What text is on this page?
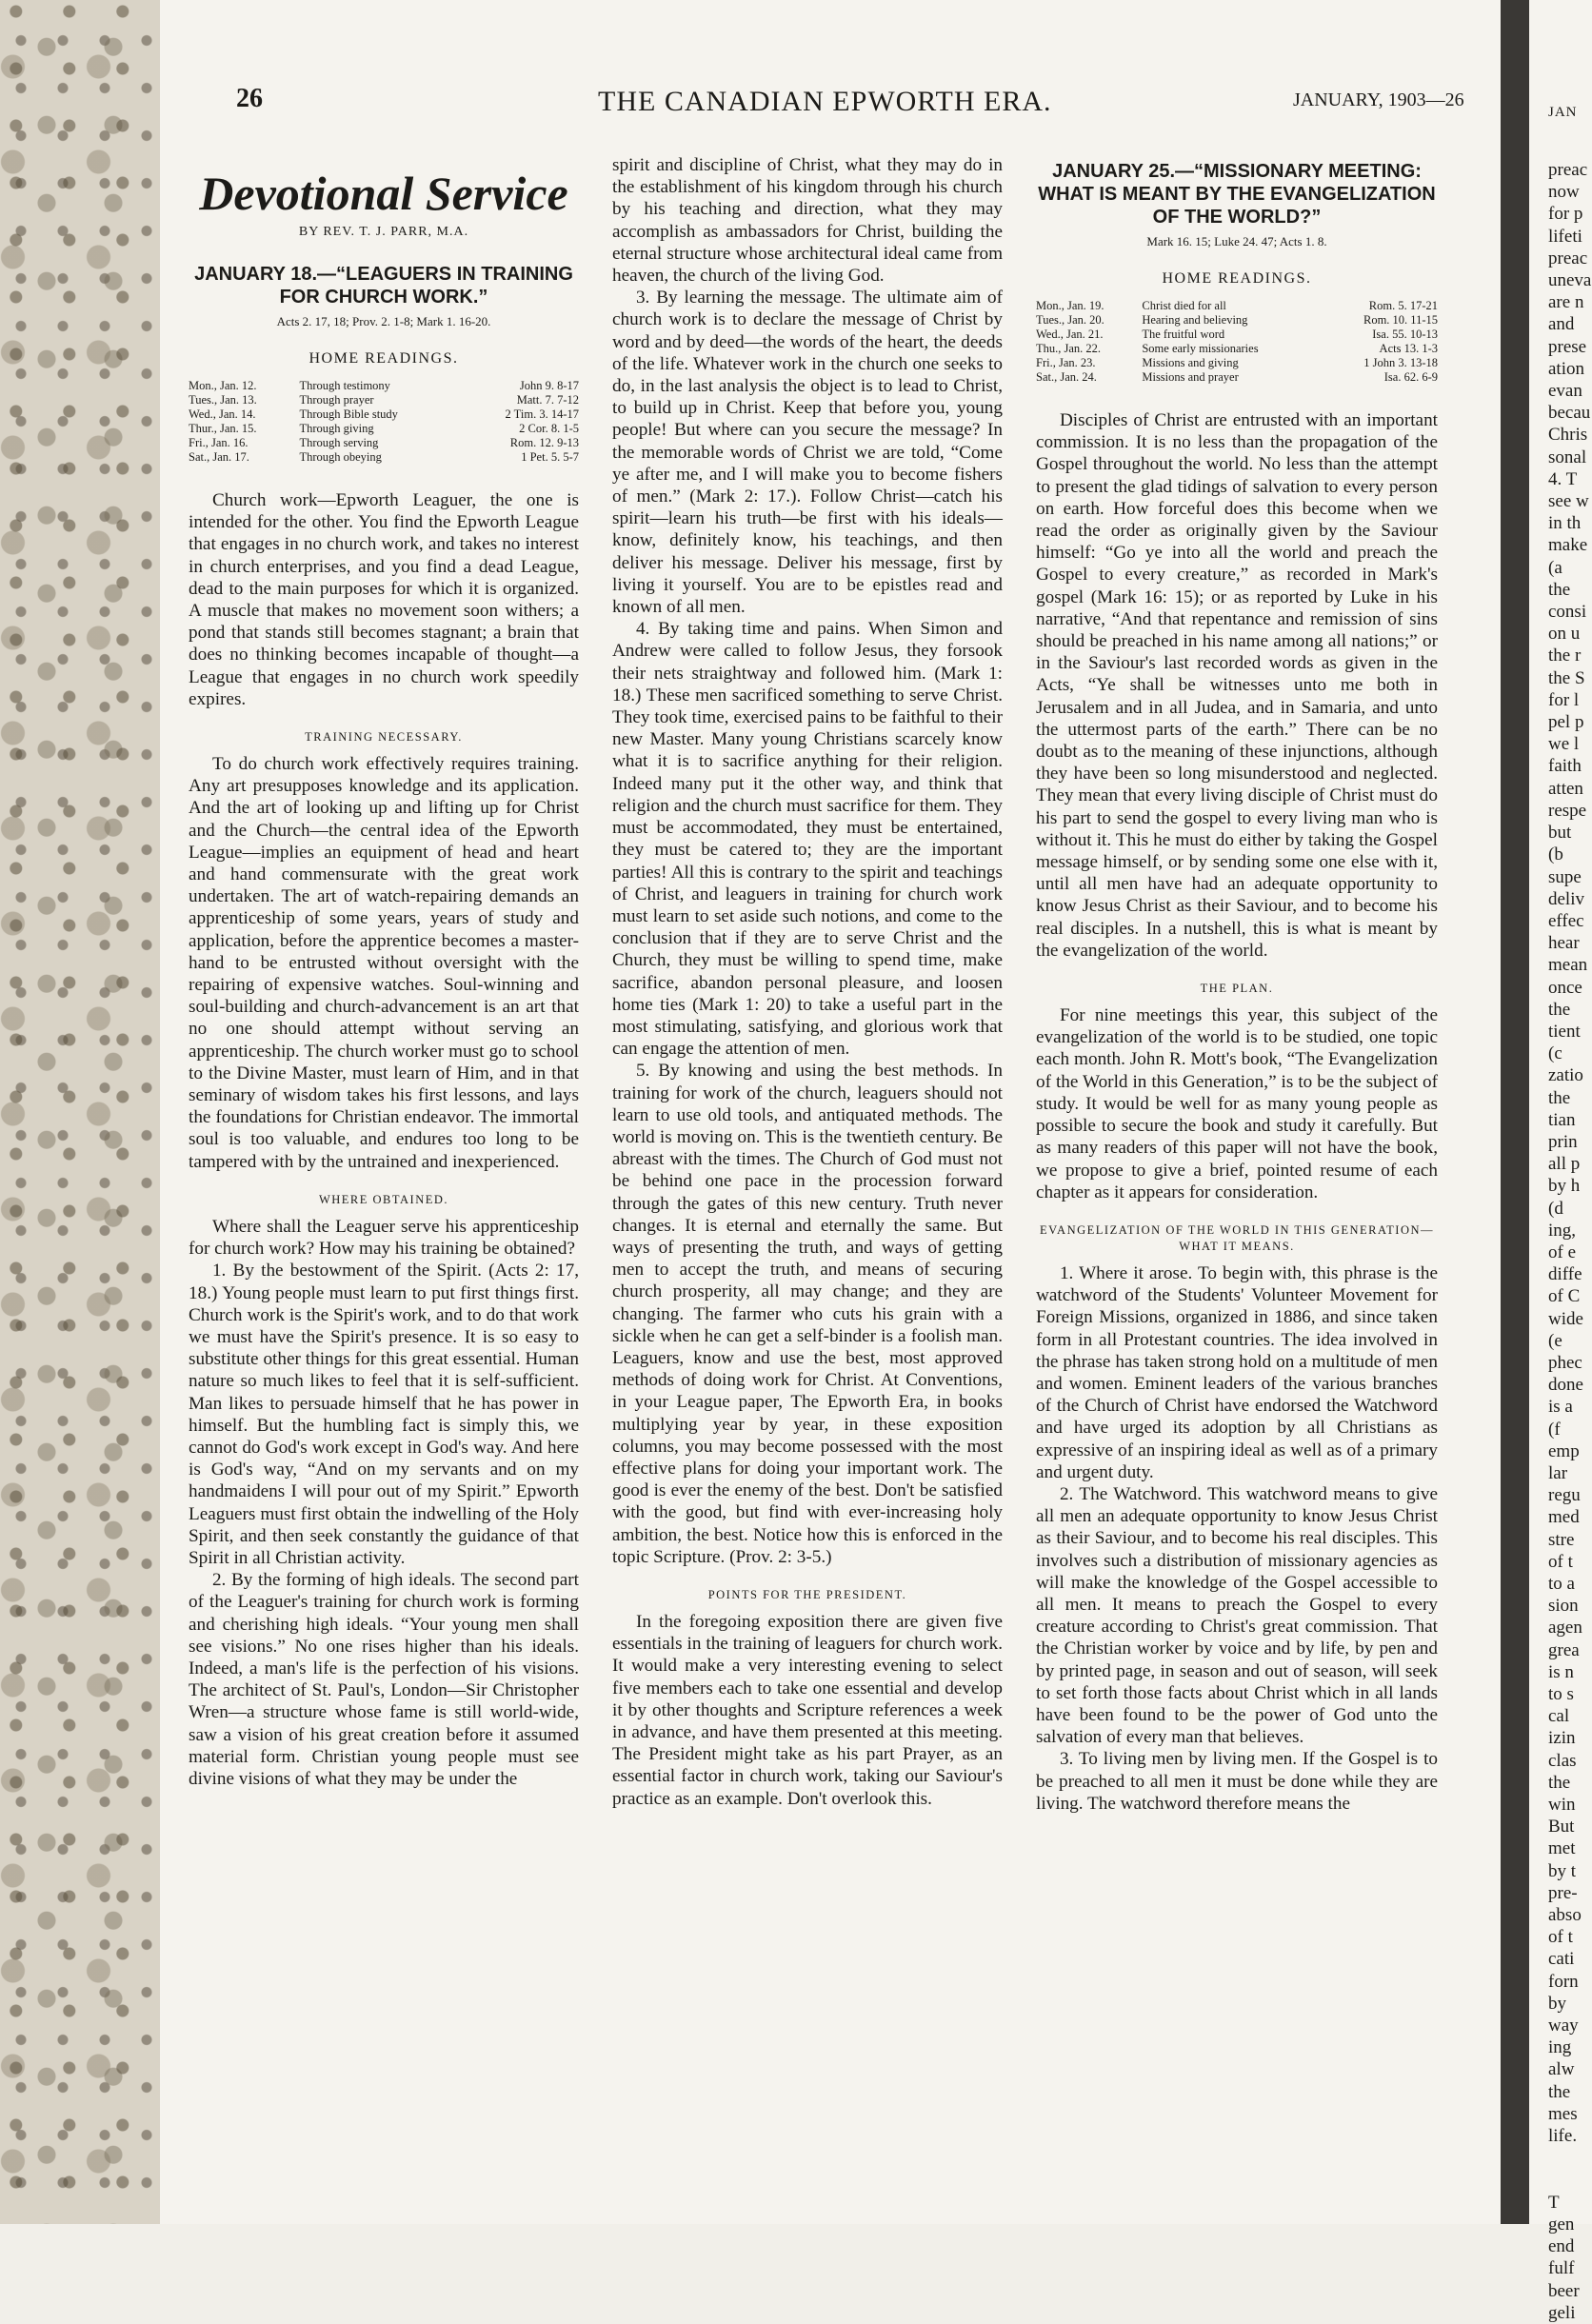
26	THE CANADIAN EPWORTH ERA.	JANUARY, 1903—26
Devotional Service
BY REV. T. J. PARR, M.A.
JANUARY 18.—“LEAGUERS IN TRAINING FOR CHURCH WORK.”
Acts 2. 17, 18; Prov. 2. 1-8; Mark 1. 16-20.
HOME READINGS.
Mon., Jan. 12.	Through testimony	John 9. 8-17
Tues., Jan. 13.	Through prayer	Matt. 7. 7-12
Wed., Jan. 14.	Through Bible study	2 Tim. 3. 14-17
Thur., Jan. 15.	Through giving	2 Cor. 8. 1-5
Fri., Jan. 16.	Through serving	Rom. 12. 9-13
Sat., Jan. 17.	Through obeying	1 Pet. 5. 5-7

Church work—Epworth Leaguer, the one is intended for the other. You find the Epworth League that engages in no church work, and takes no interest in church enterprises, and you find a dead League, dead to the main purposes for which it is organized. A muscle that makes no movement soon withers; a pond that stands still becomes stagnant; a brain that does no thinking becomes incapable of thought—a League that engages in no church work speedily expires.

TRAINING NECESSARY.

To do church work effectively requires training. Any art presupposes knowledge and its application. And the art of looking up and lifting up for Christ and the Church—the central idea of the Epworth League—implies an equipment of head and heart and hand commensurate with the great work undertaken. The art of watch-repairing demands an apprenticeship of some years, years of study and application, before the apprentice becomes a master-hand to be entrusted without oversight with the repairing of expensive watches. Soul-winning and soul-building and church-advancement is an art that no one should attempt without serving an apprenticeship. The church worker must go to school to the Divine Master, must learn of Him, and in that seminary of wisdom takes his first lessons, and lays the foundations for Christian endeavor. The immortal soul is too valuable, and endures too long to be tampered with by the untrained and inexperienced.

WHERE OBTAINED.

Where shall the Leaguer serve his apprenticeship for church work? How may his training be obtained?

1. By the bestowment of the Spirit. (Acts 2: 17, 18.) Young people must learn to put first things first. Church work is the Spirit's work, and to do that work we must have the Spirit's presence. It is so easy to substitute other things for this great essential. Human nature so much likes to feel that it is self-sufficient. Man likes to persuade himself that he has power in himself. But the humbling fact is simply this, we cannot do God's work except in God's way. And here is God's way, “And on my servants and on my handmaidens I will pour out of my Spirit.” Epworth Leaguers must first obtain the indwelling of the Holy Spirit, and then seek constantly the guidance of that Spirit in all Christian activity.

2. By the forming of high ideals. The second part of the Leaguer's training for church work is forming and cherishing high ideals. “Your young men shall see visions.” No one rises higher than his ideals. Indeed, a man's life is the perfection of his visions. The architect of St. Paul's, London—Sir Christopher Wren—a structure whose fame is still world-wide, saw a vision of his great creation before it assumed material form. Christian young people must see divine visions of what they may be under the

spirit and discipline of Christ, what they may do in the establishment of his kingdom through his church by his teaching and direction, what they may accomplish as ambassadors for Christ, building the eternal structure whose architectural ideal came from heaven, the church of the living God.

3. By learning the message. The ultimate aim of church work is to declare the message of Christ by word and by deed—the words of the heart, the deeds of the life. Whatever work in the church one seeks to do, in the last analysis the object is to lead to Christ, to build up in Christ. Keep that before you, young people! But where can you secure the message? In the memorable words of Christ we are told, “Come ye after me, and I will make you to become fishers of men.” (Mark 2: 17.). Follow Christ—catch his spirit—learn his truth—be first with his ideals—know, definitely know, his teachings, and then deliver his message. Deliver his message, first by living it yourself. You are to be epistles read and known of all men.

4. By taking time and pains. When Simon and Andrew were called to follow Jesus, they forsook their nets straightway and followed him. (Mark 1: 18.) These men sacrificed something to serve Christ. They took time, exercised pains to be faithful to their new Master. Many young Christians scarcely know what it is to sacrifice anything for their religion. Indeed many put it the other way, and think that religion and the church must sacrifice for them. They must be accommodated, they must be entertained, they must be catered to; they are the important parties! All this is contrary to the spirit and teachings of Christ, and leaguers in training for church work must learn to set aside such notions, and come to the conclusion that if they are to serve Christ and the Church, they must be willing to spend time, make sacrifice, abandon personal pleasure, and loosen home ties (Mark 1: 20) to take a useful part in the most stimulating, satisfying, and glorious work that can engage the attention of men.

5. By knowing and using the best methods. In training for work of the church, leaguers should not learn to use old tools, and antiquated methods. The world is moving on. This is the twentieth century. Be abreast with the times. The Church of God must not be behind one pace in the procession forward through the gates of this new century. Truth never changes. It is eternal and eternally the same. But ways of presenting the truth, and ways of getting men to accept the truth, and means of securing church prosperity, all may change; and they are changing. The farmer who cuts his grain with a sickle when he can get a self-binder is a foolish man. Leaguers, know and use the best, most approved methods of doing work for Christ. At Conventions, in your League paper, The Epworth Era, in books multiplying year by year, in these exposition columns, you may become possessed with the most effective plans for doing your important work. The good is ever the enemy of the best. Don't be satisfied with the good, but find with ever-increasing holy ambition, the best. Notice how this is enforced in the topic Scripture. (Prov. 2: 3-5.)

POINTS FOR THE PRESIDENT.

In the foregoing exposition there are given five essentials in the training of leaguers for church work. It would make a very interesting evening to select five members each to take one essential and develop it by other thoughts and Scripture references a week in advance, and have them presented at this meeting. The President might take as his part Prayer, as an essential factor in church work, taking our Saviour's practice as an example. Don't overlook this.

JANUARY 25.—“MISSIONARY MEETING: WHAT IS MEANT BY THE EVANGELIZATION OF THE WORLD?”
Mark 16. 15; Luke 24. 47; Acts 1. 8.
HOME READINGS.
Mon., Jan. 19.	Christ died for all	Rom. 5. 17-21
Tues., Jan. 20.	Hearing and believing	Rom. 10. 11-15
Wed., Jan. 21.	The fruitful word	Isa. 55. 10-13
Thu., Jan. 22.	Some early missionaries	Acts 13. 1-3
Fri., Jan. 23.	Missions and giving	1 John 3. 13-18
Sat., Jan. 24.	Missions and prayer	Isa. 62. 6-9

Disciples of Christ are entrusted with an important commission. It is no less than the propagation of the Gospel throughout the world. No less than the attempt to present the glad tidings of salvation to every person on earth. How forceful does this become when we read the order as originally given by the Saviour himself: “Go ye into all the world and preach the Gospel to every creature,” as recorded in Mark's gospel (Mark 16: 15); or as reported by Luke in his narrative, “And that repentance and remission of sins should be preached in his name among all nations;” or in the Saviour's last recorded words as given in the Acts, “Ye shall be witnesses unto me both in Jerusalem and in all Judea, and in Samaria, and unto the uttermost parts of the earth.” There can be no doubt as to the meaning of these injunctions, although they have been so long misunderstood and neglected. They mean that every living disciple of Christ must do his part to send the gospel to every living man who is without it. This he must do either by taking the Gospel message himself, or by sending some one else with it, until all men have had an adequate opportunity to know Jesus Christ as their Saviour, and to become his real disciples. In a nutshell, this is what is meant by the evangelization of the world.

THE PLAN.

For nine meetings this year, this subject of the evangelization of the world is to be studied, one topic each month. John R. Mott's book, “The Evangelization of the World in this Generation,” is to be the subject of study. It would be well for as many young people as possible to secure the book and study it carefully. But as many readers of this paper will not have the book, we propose to give a brief, pointed resume of each chapter as it appears for consideration.

EVANGELIZATION OF THE WORLD IN THIS GENERATION—WHAT IT MEANS.

1. Where it arose. To begin with, this phrase is the watchword of the Students' Volunteer Movement for Foreign Missions, organized in 1886, and since taken form in all Protestant countries. The idea involved in the phrase has taken strong hold on a multitude of men and women. Eminent leaders of the various branches of the Church of Christ have endorsed the Watchword and have urged its adoption by all Christians as expressive of an inspiring ideal as well as of a primary and urgent duty.

2. The Watchword. This watchword means to give all men an adequate opportunity to know Jesus Christ as their Saviour, and to become his real disciples. This involves such a distribution of missionary agencies as will make the knowledge of the Gospel accessible to all men. It means to preach the Gospel to every creature according to Christ's great commission. That the Christian worker by voice and by life, by pen and by printed page, in season and out of season, will seek to set forth those facts about Christ which in all lands have been found to be the power of God unto the salvation of every man that believes.

3. To living men by living men. If the Gospel is to be preached to all men it must be done while they are living. The watchword therefore means the

JAN
preac
now
for p
lifeti
preac
uneva
are n
and
prese
ation
evan
becau
Chris
sonal
4. T
see w
in th
make
(a
the
consi
on u
the r
the S
for l
pel p
we l
faith
atten
respe
but
(b
supe
deliv
effec
hear
mean
once
the
tient
(c
zatio
the
tian
prin
all p
by h
(d
ing,
of e
diffe
of C
wide
(e
phec
done
is a
(f
emp
lar
regu
med
stre
of t
to a
sion
agen
grea
is n
to s
cal
izin
clas
the
win
But
met
by t
pre-
abso
of t
cati
forn
by
way
ing
alw
the
mes
life.

T
gen
end
fulf
beer
geli
